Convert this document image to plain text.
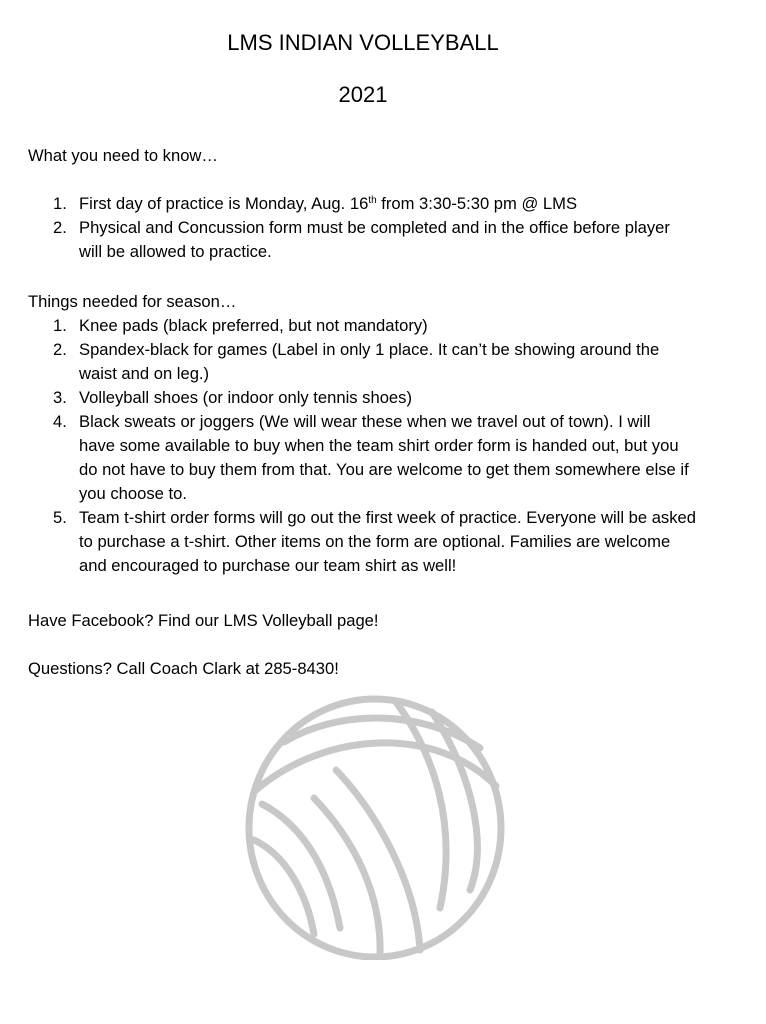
LMS INDIAN VOLLEYBALL
2021

What you need to know…

1. First day of practice is Monday, Aug. 16th from 3:30-5:30 pm @ LMS
2. Physical and Concussion form must be completed and in the office before player will be allowed to practice.

Things needed for season…

1. Knee pads (black preferred, but not mandatory)
2. Spandex-black for games (Label in only 1 place. It can’t be showing around the waist and on leg.)
3. Volleyball shoes (or indoor only tennis shoes)
4. Black sweats or joggers (We will wear these when we travel out of town). I will have some available to buy when the team shirt order form is handed out, but you do not have to buy them from that. You are welcome to get them somewhere else if you choose to.
5. Team t-shirt order forms will go out the first week of practice. Everyone will be asked to purchase a t-shirt. Other items on the form are optional. Families are welcome and encouraged to purchase our team shirt as well!

Have Facebook? Find our LMS Volleyball page!

Questions? Call Coach Clark at 285-8430!
